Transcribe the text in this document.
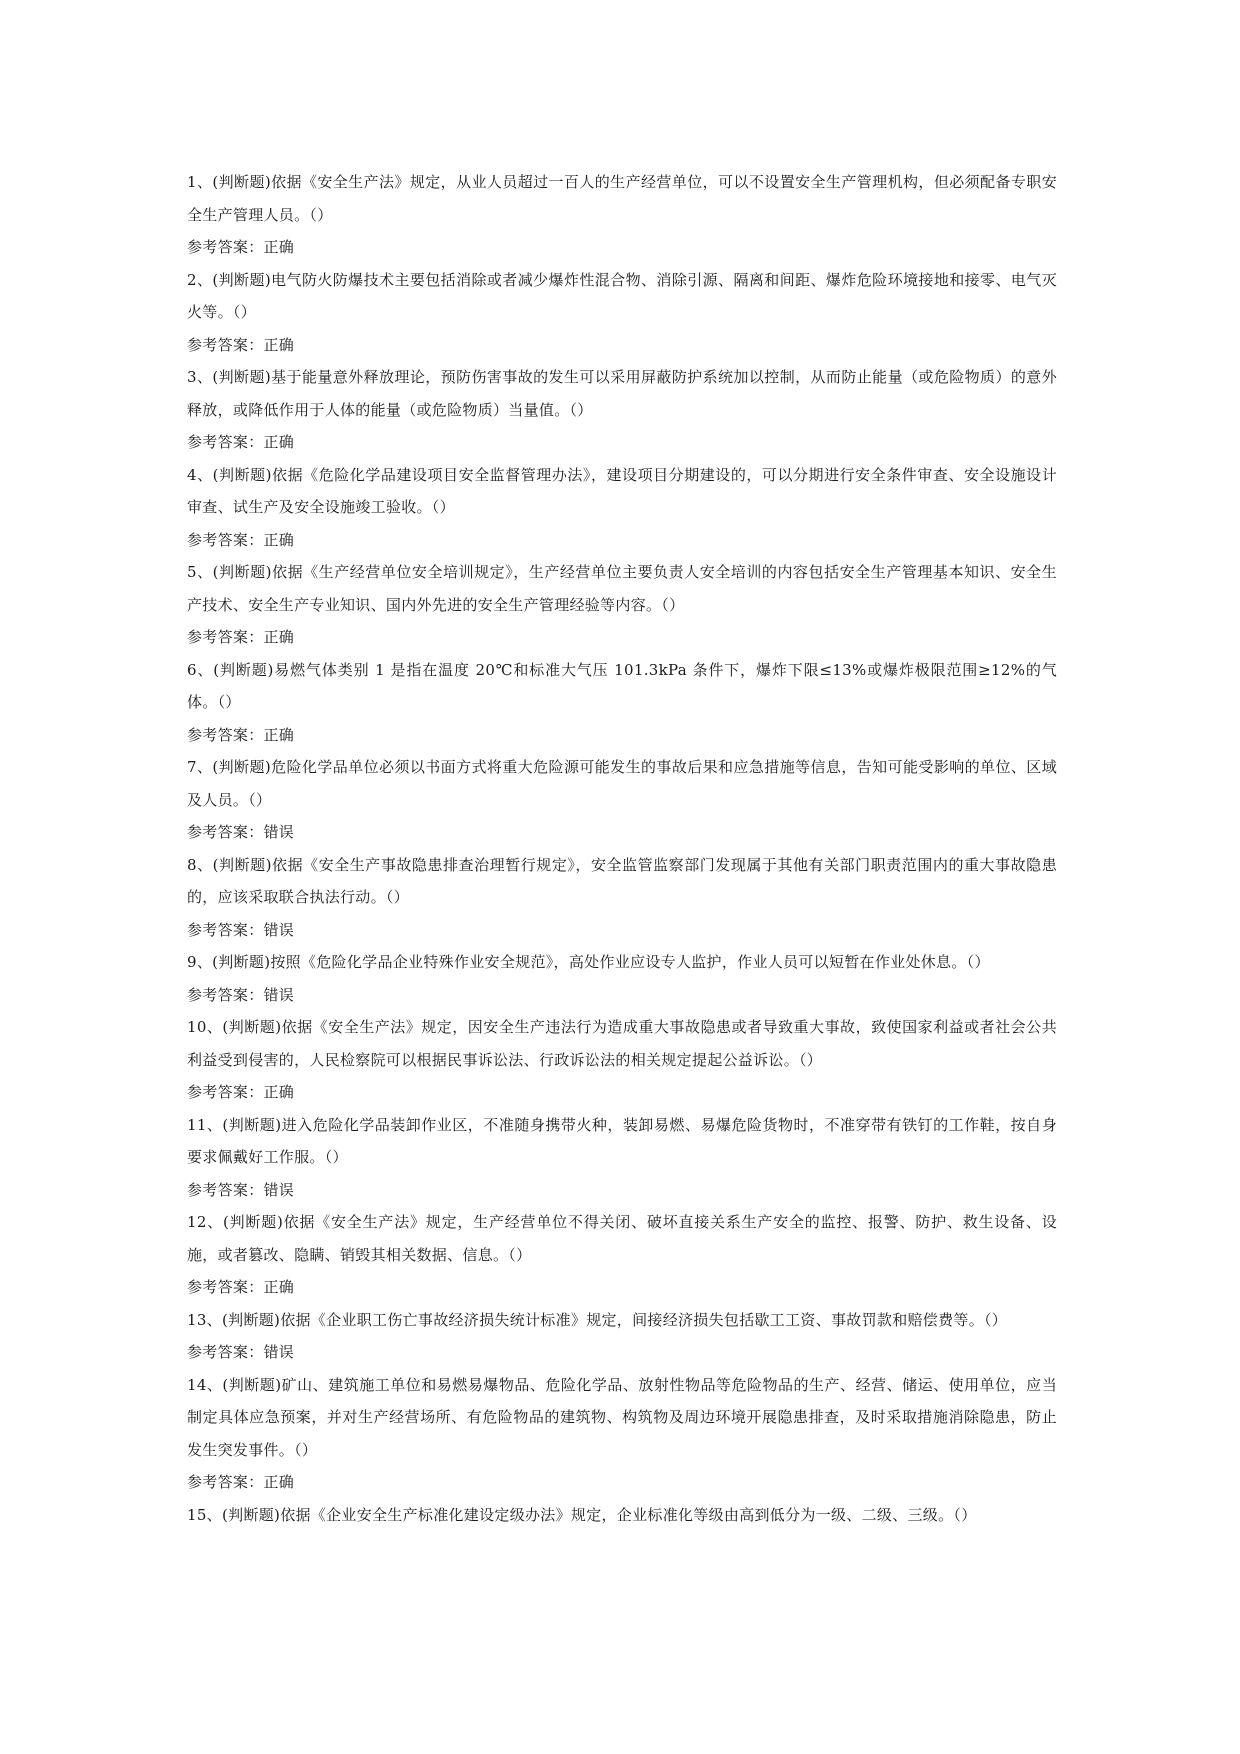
1、(判断题)依据《安全生产法》规定，从业人员超过一百人的生产经营单位，可以不设置安全生产管理机构，但必须配备专职安全生产管理人员。（）

参考答案：正确

2、(判断题)电气防火防爆技术主要包括消除或者减少爆炸性混合物、消除引源、隔离和间距、爆炸危险环境接地和接零、电气灭火等。（）

参考答案：正确

3、(判断题)基于能量意外释放理论，预防伤害事故的发生可以采用屏蔽防护系统加以控制，从而防止能量（或危险物质）的意外释放，或降低作用于人体的能量（或危险物质）当量值。（）

参考答案：正确

4、(判断题)依据《危险化学品建设项目安全监督管理办法》，建设项目分期建设的，可以分期进行安全条件审查、安全设施设计审查、试生产及安全设施竣工验收。（）

参考答案：正确

5、(判断题)依据《生产经营单位安全培训规定》，生产经营单位主要负责人安全培训的内容包括安全生产管理基本知识、安全生产技术、安全生产专业知识、国内外先进的安全生产管理经验等内容。（）

参考答案：正确

6、(判断题)易燃气体类别 1 是指在温度 20℃和标准大气压 101.3kPa 条件下，爆炸下限≤13%或爆炸极限范围≥12%的气体。（）

参考答案：正确

7、(判断题)危险化学品单位必须以书面方式将重大危险源可能发生的事故后果和应急措施等信息，告知可能受影响的单位、区域及人员。（）

参考答案：错误

8、(判断题)依据《安全生产事故隐患排查治理暂行规定》，安全监管监察部门发现属于其他有关部门职责范围内的重大事故隐患的，应该采取联合执法行动。（）

参考答案：错误

9、(判断题)按照《危险化学品企业特殊作业安全规范》，高处作业应设专人监护，作业人员可以短暂在作业处休息。（）

参考答案：错误

10、(判断题)依据《安全生产法》规定，因安全生产违法行为造成重大事故隐患或者导致重大事故，致使国家利益或者社会公共利益受到侵害的，人民检察院可以根据民事诉讼法、行政诉讼法的相关规定提起公益诉讼。（）

参考答案：正确

11、(判断题)进入危险化学品装卸作业区，不准随身携带火种，装卸易燃、易爆危险货物时，不准穿带有铁钉的工作鞋，按自身要求佩戴好工作服。（）

参考答案：错误

12、(判断题)依据《安全生产法》规定，生产经营单位不得关闭、破坏直接关系生产安全的监控、报警、防护、救生设备、设施，或者篡改、隐瞒、销毁其相关数据、信息。（）

参考答案：正确

13、(判断题)依据《企业职工伤亡事故经济损失统计标准》规定，间接经济损失包括歇工工资、事故罚款和赔偿费等。（）

参考答案：错误

14、(判断题)矿山、建筑施工单位和易燃易爆物品、危险化学品、放射性物品等危险物品的生产、经营、储运、使用单位，应当制定具体应急预案，并对生产经营场所、有危险物品的建筑物、构筑物及周边环境开展隐患排查，及时采取措施消除隐患，防止发生突发事件。（）

参考答案：正确

15、(判断题)依据《企业安全生产标准化建设定级办法》规定，企业标准化等级由高到低分为一级、二级、三级。（）
